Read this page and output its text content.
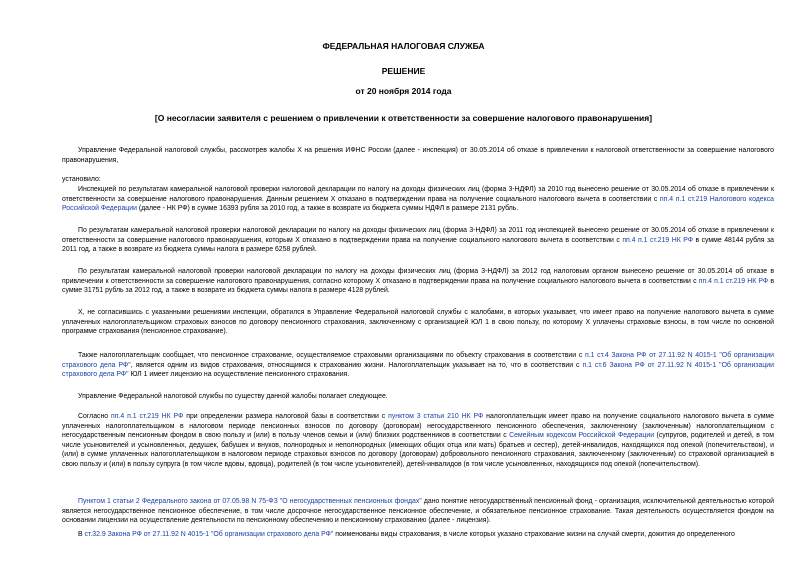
ФЕДЕРАЛЬНАЯ НАЛОГОВАЯ СЛУЖБА
РЕШЕНИЕ
от 20 ноября 2014 года
[О несогласии заявителя с решением о привлечении к ответственности за совершение налогового правонарушения]
Управление Федеральной налоговой службы, рассмотрев жалобы Х на решения ИФНС России (далее - инспекция) от 30.05.2014 об отказе в привлечении к налоговой ответственности за совершение налогового правонарушения,
установило:
Инспекцией по результатам камеральной налоговой проверки налоговой декларации по налогу на доходы физических лиц (форма 3-НДФЛ) за 2010 год вынесено решение от 30.05.2014 об отказе в привлечении к ответственности за совершение налогового правонарушения. Данным решением Х отказано в подтверждении права на получение социального налогового вычета в соответствии с пп.4 п.1 ст.219 Налогового кодекса Российской Федерации (далее - НК РФ) в сумме 16393 рубля за 2010 год, а также в возврате из бюджета суммы НДФЛ в размере 2131 рубль.
По результатам камеральной налоговой проверки налоговой декларации по налогу на доходы физических лиц (форма 3-НДФЛ) за 2011 год инспекцией вынесено решение от 30.05.2014 об отказе в привлечении к ответственности за совершение налогового правонарушения, которым Х отказано в подтверждении права на получение социального налогового вычета в соответствии с пп.4 п.1 ст.219 НК РФ в сумме 48144 рубля за 2011 год, а также в возврате из бюджета суммы налога в размере 6258 рублей.
По результатам камеральной налоговой проверки налоговой декларации по налогу на доходы физических лиц (форма 3-НДФЛ) за 2012 год налоговым органом вынесено решение от 30.05.2014 об отказе в привлечении к ответственности за совершение налогового правонарушения, согласно которому Х отказано в подтверждении права на получение социального налогового вычета в соответствии с пп.4 п.1 ст.219 НК РФ в сумме 31751 рубль за 2012 год, а также в возврате из бюджета суммы налога в размере 4128 рублей.
Х, не согласившись с указанными решениями инспекции, обратился в Управление Федеральной налоговой службы с жалобами, в которых указывает, что имеет право на получение налогового вычета в сумме уплаченных налогоплательщиком страховых взносов по договору пенсионного страхования, заключенному с организацией ЮЛ 1 в свою пользу, по которому Х уплачены страховые взносы, в том числе по основной программе страхования (пенсионное страхование).
Также налогоплательщик сообщает, что пенсионное страхование, осуществляемое страховыми организациями по объекту страхования в соответствии с п.1 ст.4 Закона РФ от 27.11.92 N 4015-1 "Об организации страхового дела РФ", является одним из видов страхования, относящимся к страхованию жизни. Налогоплательщик указывает на то, что в соответствии с п.1 ст.6 Закона РФ от 27.11.92 N 4015-1 "Об организации страхового дела РФ" ЮЛ 1 имеет лицензию на осуществление пенсионного страхования.
Управление Федеральной налоговой службы по существу данной жалобы полагает следующее.
Согласно пп.4 п.1 ст.219 НК РФ при определении размера налоговой базы в соответствии с пунктом 3 статьи 210 НК РФ налогоплательщик имеет право на получение социального налогового вычета в сумме уплаченных налогоплательщиком в налоговом периоде пенсионных взносов по договору (договорам) негосударственного пенсионного обеспечения, заключенному (заключенным) налогоплательщиком с негосударственным пенсионным фондом в свою пользу и (или) в пользу членов семьи и (или) близких родственников в соответствии с Семейным кодексом Российской Федерации (супругов, родителей и детей, в том числе усыновителей и усыновленных, дедушек, бабушек и внуков, полнородных и неполнородных (имеющих общих отца или мать) братьев и сестер), детей-инвалидов, находящихся под опекой (попечительством), и (или) в сумме уплаченных налогоплательщиком в налоговом периоде страховых взносов по договору (договорам) добровольного пенсионного страхования, заключенному (заключенным) со страховой организацией в свою пользу и (или) в пользу супруга (в том числе вдовы, вдовца), родителей (в том числе усыновителей), детей-инвалидов (в том числе усыновленных, находящихся под опекой (попечительством).
Пунктом 1 статьи 2 Федерального закона от 07.05.98 N 75-ФЗ "О негосударственных пенсионных фондах" дано понятие негосударственный пенсионный фонд - организация, исключительной деятельностью которой является негосударственное пенсионное обеспечение, в том числе досрочное негосударственное пенсионное обеспечение, и обязательное пенсионное страхование. Такая деятельность осуществляется фондом на основании лицензии на осуществление деятельности по пенсионному обеспечению и пенсионному страхованию (далее - лицензия).
В ст.32.9 Закона РФ от 27.11.92 N 4015-1 "Об организации страхового дела РФ" поименованы виды страхования, в числе которых указано страхование жизни на случай смерти, дожития до определенного
